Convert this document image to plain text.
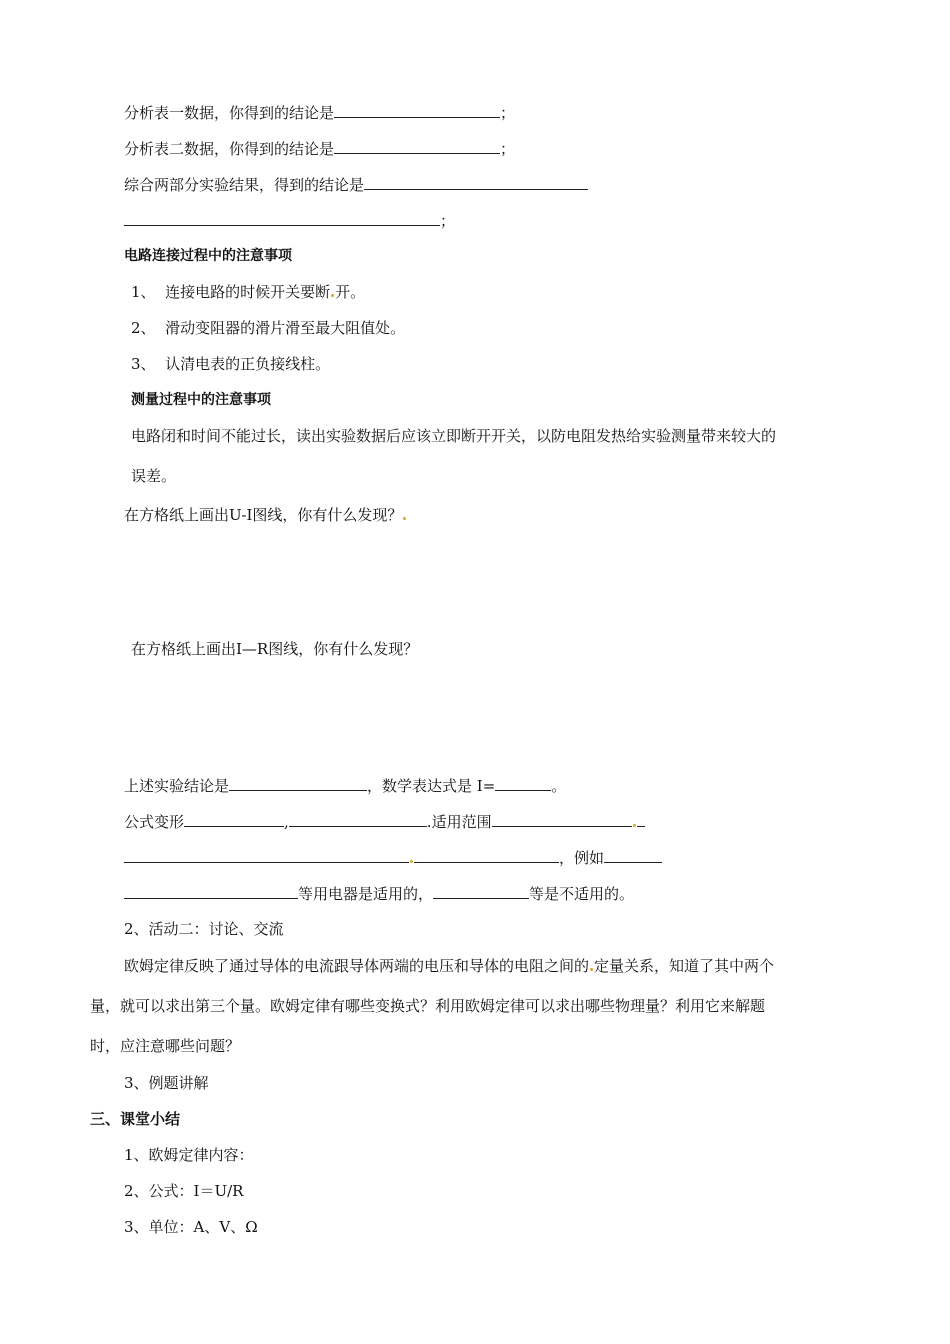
分析表一数据，你得到的结论是	；
分析表二数据，你得到的结论是	；
综合两部分实验结果，得到的结论是
；
电路连接过程中的注意事项
1、 连接电路的时候开关要断 开。
2、 滑动变阻器的滑片滑至最大阻值处。
3、 认清电表的正负接线柱。
测量过程中的注意事项
电路闭和时间不能过长，读出实验数据后应该立即断开开关，以防电阻发热给实验测量带来较大的
误差。
在方格纸上画出U-I图线，你有什么发现？
在方格纸上画出I—R图线，你有什么发现？
上述实验结论是	，数学表达式是 I=	。
公式变形	,	.适用范围
，例如
等用电器是适用的，	等是不适用的。
2、活动二：讨论、交流
欧姆定律反映了通过导体的电流跟导体两端的电压和导体的电阻之间的 定量关系，知道了其中两个
量，就可以求出第三个量。欧姆定律有哪些变换式？利用欧姆定律可以求出哪些物理量？利用它来解题
时，应注意哪些问题？
3、例题讲解
三、课堂小结
1、欧姆定律内容：
2、公式：I＝U/R
3、单位：A、V、Ω
